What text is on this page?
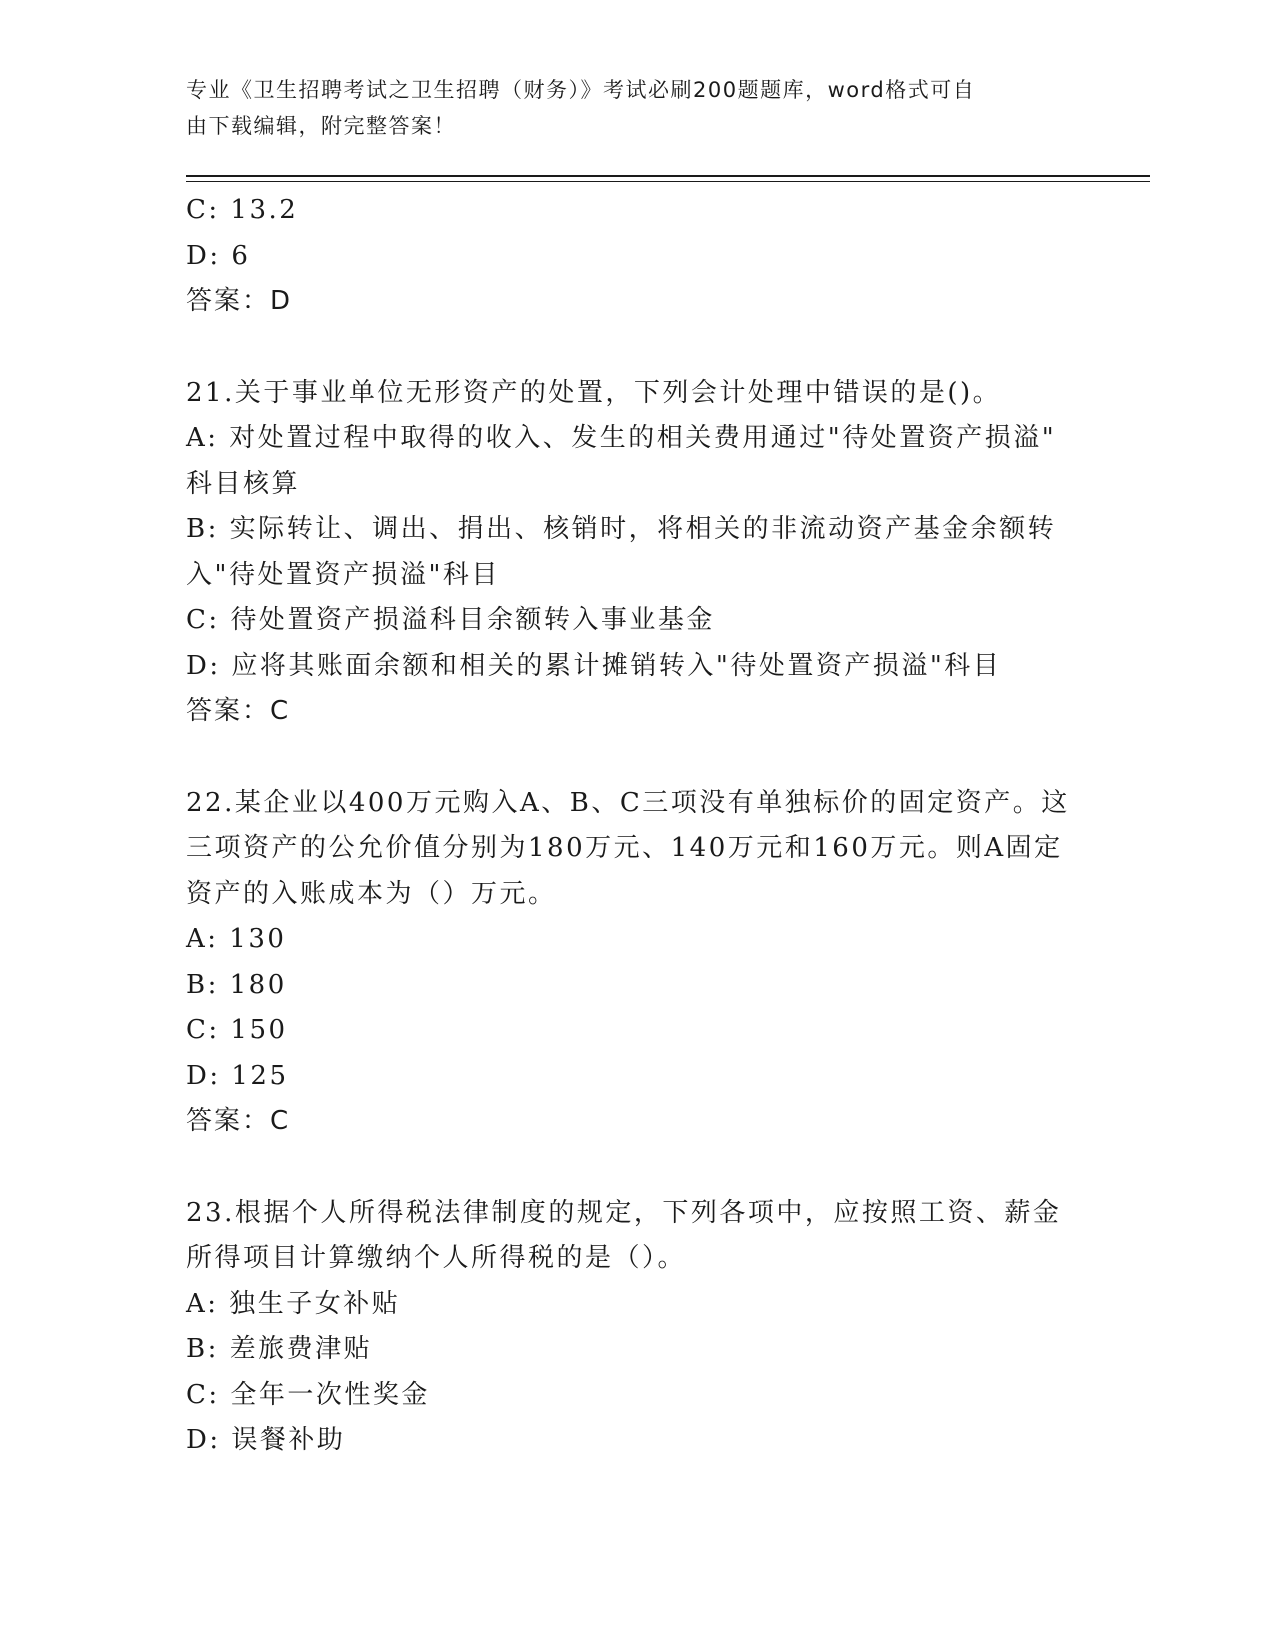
专业《卫生招聘考试之卫生招聘（财务）》考试必刷200题题库，word格式可自
由下载编辑，附完整答案！

C: 13.2

D: 6

答案：D

21.关于事业单位无形资产的处置，下列会计处理中错误的是()。

A: 对处置过程中取得的收入、发生的相关费用通过"待处置资产损溢"

科目核算

B: 实际转让、调出、捐出、核销时，将相关的非流动资产基金余额转

入"待处置资产损溢"科目

C: 待处置资产损溢科目余额转入事业基金

D: 应将其账面余额和相关的累计摊销转入"待处置资产损溢"科目

答案：C

22.某企业以400万元购入A、B、C三项没有单独标价的固定资产。这

三项资产的公允价值分别为180万元、140万元和160万元。则A固定

资产的入账成本为（）万元。

A: 130

B: 180

C: 150

D: 125

答案：C

23.根据个人所得税法律制度的规定，下列各项中，应按照工资、薪金

所得项目计算缴纳个人所得税的是（）。

A: 独生子女补贴

B: 差旅费津贴

C: 全年一次性奖金

D: 误餐补助
